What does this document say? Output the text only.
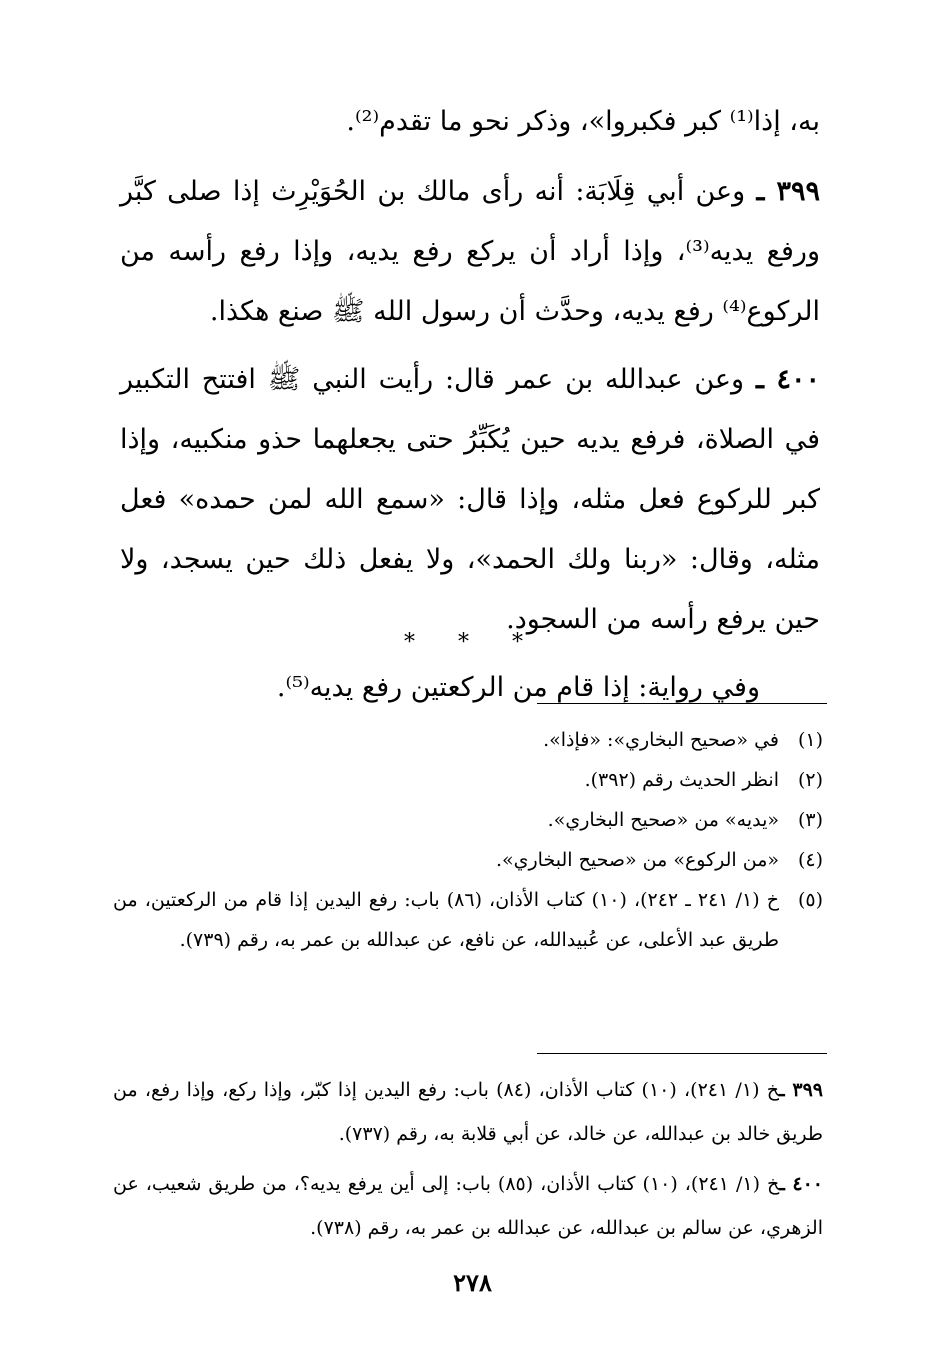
به، إذا⁽¹⁾ كبر فكبروا»، وذكر نحو ما تقدم⁽²⁾.

٣٩٩ ـ وعن أبي قِلَابَة: أنه رأى مالك بن الحُوَيْرِث إذا صلى كبَّر ورفع يديه⁽³⁾، وإذا أراد أن يركع رفع يديه، وإذا رفع رأسه من الركوع⁽⁴⁾ رفع يديه، وحدَّث أن رسول الله ﷺ صنع هكذا.

٤٠٠ ـ وعن عبدالله بن عمر قال: رأيت النبي ﷺ افتتح التكبير في الصلاة، فرفع يديه حين يُكَبِّرُ حتى يجعلهما حذو منكبيه، وإذا كبر للركوع فعل مثله، وإذا قال: «سمع الله لمن حمده» فعل مثله، وقال: «ربنا ولك الحمد»، ولا يفعل ذلك حين يسجد، ولا حين يرفع رأسه من السجود.

وفي رواية: إذا قام من الركعتين رفع يديه⁽⁵⁾.

* * *
(١)
في «صحيح البخاري»: «فإذا».
(٢)
انظر الحديث رقم (٣٩٢).
(٣)
«يديه» من «صحيح البخاري».
(٤)
«من الركوع» من «صحيح البخاري».
(٥)
خ (١/ ٢٤١ ـ ٢٤٢)، (١٠) كتاب الأذان، (٨٦) باب: رفع اليدين إذا قام من الركعتين، من طريق عبد الأعلى، عن عُبيدالله، عن نافع، عن عبدالله بن عمر به، رقم (٧٣٩).

٣٩٩ ـخ (١/ ٢٤١)، (١٠) كتاب الأذان، (٨٤) باب: رفع اليدين إذا كبّر، وإذا ركع، وإذا رفع، من طريق خالد بن عبدالله، عن خالد، عن أبي قلابة به، رقم (٧٣٧).

٤٠٠ ـخ (١/ ٢٤١)، (١٠) كتاب الأذان، (٨٥) باب: إلى أين يرفع يديه؟، من طريق شعيب، عن الزهري، عن سالم بن عبدالله، عن عبدالله بن عمر به، رقم (٧٣٨).

٢٧٨
